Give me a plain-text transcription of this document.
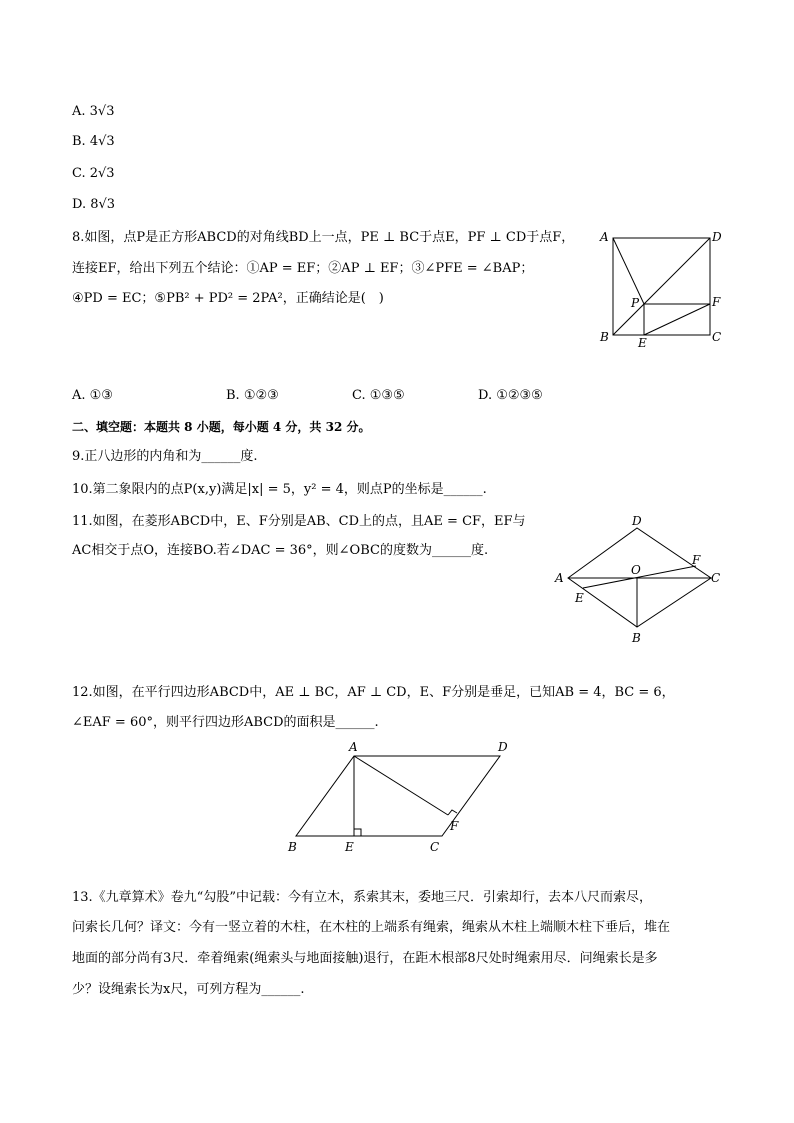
A. 3√3
B. 4√3
C. 2√3
D. 8√3
8.如图，点P是正方形ABCD的对角线BD上一点，PE ⊥ BC于点E，PF ⊥ CD于点F，
连接EF，给出下列五个结论：①AP = EF；②AP ⊥ EF；③∠PFE = ∠BAP；
④PD = EC；⑤PB² + PD² = 2PA²，正确结论是(　)
A	D
P	F
B E	C
A. ①③	B. ①②③	C. ①③⑤	D. ①②③⑤
二、填空题：本题共 8 小题，每小题 4 分，共 32 分。
9.正八边形的内角和为______度.
10.第二象限内的点P(x,y)满足|x| = 5，y² = 4，则点P的坐标是______.
11.如图，在菱形ABCD中，E、F分别是AB、CD上的点，且AE = CF，EF与
AC相交于点O，连接BO.若∠DAC = 36°，则∠OBC的度数为______度.
D
F
O
A	C
E
B
12.如图，在平行四边形ABCD中，AE ⊥ BC，AF ⊥ CD，E、F分别是垂足，已知AB = 4，BC = 6，
∠EAF = 60°，则平行四边形ABCD的面积是______.
A	D
F
B	E	C
13.《九章算术》卷九“勾股”中记载：今有立木，系索其末，委地三尺．引索却行，去本八尺而索尽，
问索长几何？译文：今有一竖立着的木柱，在木柱的上端系有绳索，绳索从木柱上端顺木柱下垂后，堆在
地面的部分尚有3尺．牵着绳索(绳索头与地面接触)退行，在距木根部8尺处时绳索用尽．问绳索长是多
少？设绳索长为x尺，可列方程为______.
